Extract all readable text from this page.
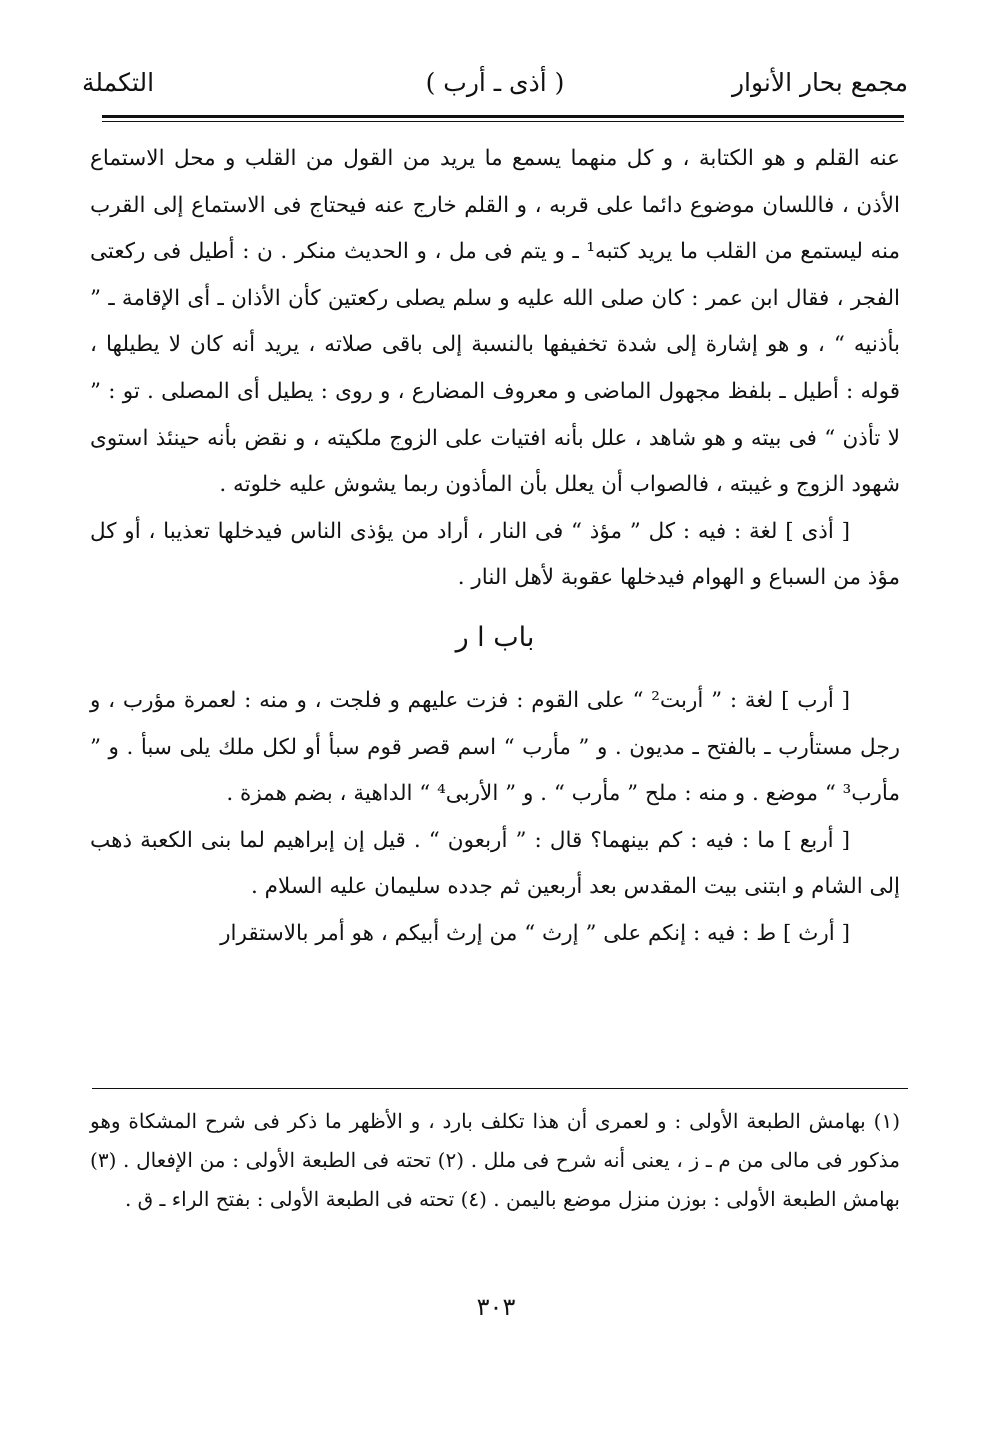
مجمع بحار الأنوار
( أذى ـ أرب )
التكملة

عنه القلم و هو الكتابة ، و كل منهما يسمع ما يريد من القول من القلب و محل الاستماع الأذن ، فاللسان موضوع دائما على قربه ، و القلم خارج عنه فيحتاج فى الاستماع إلى القرب منه ليستمع من القلب ما يريد كتبه¹ ـ و يتم فى مل ، و الحديث منكر . ن : أطيل فى ركعتى الفجر ، فقال ابن عمر : كان صلى الله عليه و سلم يصلى ركعتين كأن الأذان ـ أى الإقامة ـ ” بأذنيه “ ، و هو إشارة إلى شدة تخفيفها بالنسبة إلى باقى صلاته ، يريد أنه كان لا يطيلها ، قوله : أطيل ـ بلفظ مجهول الماضى و معروف المضارع ، و روى : يطيل أى المصلى . تو : ” لا تأذن “ فى بيته و هو شاهد ، علل بأنه افتيات على الزوج ملكيته ، و نقض بأنه حينئذ استوى شهود الزوج و غيبته ، فالصواب أن يعلل بأن المأذون ربما يشوش عليه خلوته .

[ أذى ] لغة : فيه : كل ” مؤذ “ فى النار ، أراد من يؤذى الناس فيدخلها تعذيبا ، أو كل مؤذ من السباع و الهوام فيدخلها عقوبة لأهل النار .

باب ا ر

[ أرب ] لغة : ” أربت² “ على القوم : فزت عليهم و فلجت ، و منه : لعمرة مؤرب ، و رجل مستأرب ـ بالفتح ـ مديون . و ” مأرب “ اسم قصر قوم سبأ أو لكل ملك يلى سبأ . و ” مأرب³ “ موضع . و منه : ملح ” مأرب “ . و ” الأربى⁴ “ الداهية ، بضم همزة .

[ أربع ] ما : فيه : كم بينهما؟ قال : ” أربعون “ . قيل إن إبراهيم لما بنى الكعبة ذهب إلى الشام و ابتنى بيت المقدس بعد أربعين ثم جدده سليمان عليه السلام .

[ أرث ] ط : فيه : إنكم على ” إرث “ من إرث أبيكم ، هو أمر بالاستقرار

(١) بهامش الطبعة الأولى : و لعمرى أن هذا تكلف بارد ، و الأظهر ما ذكر فى شرح المشكاة وهو مذكور فى مالى من م ـ ز ، يعنى أنه شرح فى ملل . (٢) تحته فى الطبعة الأولى : من الإفعال . (٣) بهامش الطبعة الأولى : بوزن منزل موضع باليمن . (٤) تحته فى الطبعة الأولى : بفتح الراء ـ ق .
٣٠٣
